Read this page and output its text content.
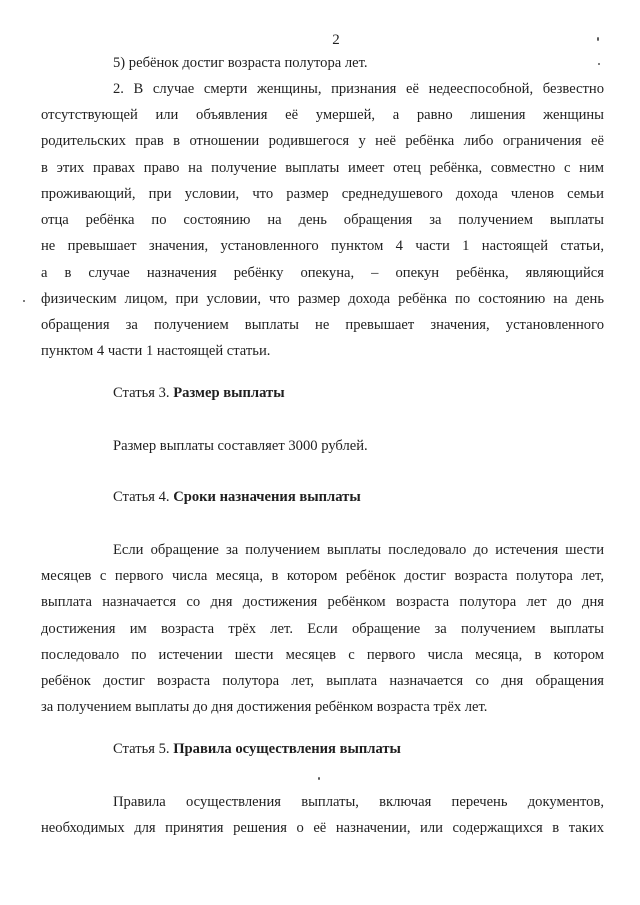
2
5) ребёнок достиг возраста полутора лет.
2. В случае смерти женщины, признания её недееспособной, безвестно
отсутствующей или объявления её умершей, а равно лишения женщины
родительских прав в отношении родившегося у неё ребёнка либо ограничения её
в этих правах право на получение выплаты имеет отец ребёнка, совместно с ним
проживающий, при условии, что размер среднедушевого дохода членов семьи
отца ребёнка по состоянию на день обращения за получением выплаты
не превышает значения, установленного пунктом 4 части 1 настоящей статьи,
а в случае назначения ребёнку опекуна, – опекун ребёнка, являющийся
физическим лицом, при условии, что размер дохода ребёнка по состоянию на день
обращения за получением выплаты не превышает значения, установленного
пунктом 4 части 1 настоящей статьи.
Статья 3. Размер выплаты
Размер выплаты составляет 3000 рублей.
Статья 4. Сроки назначения выплаты
Если обращение за получением выплаты последовало до истечения шести
месяцев с первого числа месяца, в котором ребёнок достиг возраста полутора лет,
выплата назначается со дня достижения ребёнком возраста полутора лет до дня
достижения им возраста трёх лет. Если обращение за получением выплаты
последовало по истечении шести месяцев с первого числа месяца, в котором
ребёнок достиг возраста полутора лет, выплата назначается со дня обращения
за получением выплаты до дня достижения ребёнком возраста трёх лет.
Статья 5. Правила осуществления выплаты
Правила осуществления выплаты, включая перечень документов,
необходимых для принятия решения о её назначении, или содержащихся в таких
